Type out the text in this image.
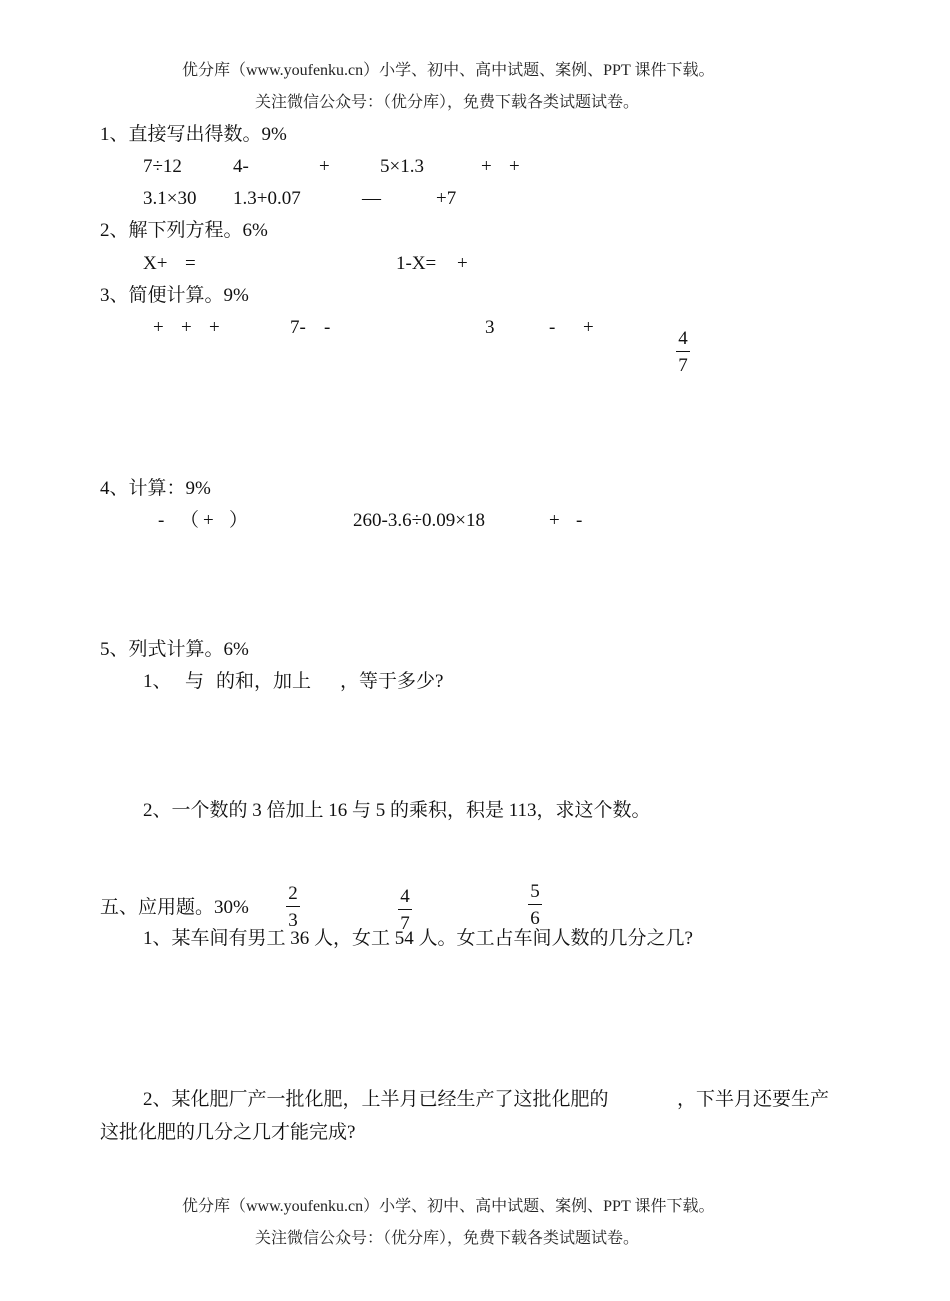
优分库（www.youfenku.cn）小学、初中、高中试题、案例、PPT 课件下载。
关注微信公众号：（优分库），免费下载各类试题试卷。
1、直接写出得数。9%
7÷12	4-	+	5×1.3	+ +
3.1×30 1.3+0.07	—	+7
2、解下列方程。6%
X+ =	1-X= +
3、简便计算。9%
+ + +	7- -	3	- +
4
7
4、计算：9%
- （ + ）	260-3.6÷0.09×18	+ -
5、列式计算。6%
1、 与 的和，加上 ，等于多少?
2、一个数的 3 倍加上 16 与 5 的乘积，积是 113，求这个数。
2
3
4
7
5
6
五、应用题。30%
1、某车间有男工 36 人，女工 54 人。女工占车间人数的几分之几?
2、某化肥厂产一批化肥，上半月已经生产了这批化肥的	，下半月还要生产
这批化肥的几分之几才能完成?
优分库（www.youfenku.cn）小学、初中、高中试题、案例、PPT 课件下载。
关注微信公众号：（优分库），免费下载各类试题试卷。
